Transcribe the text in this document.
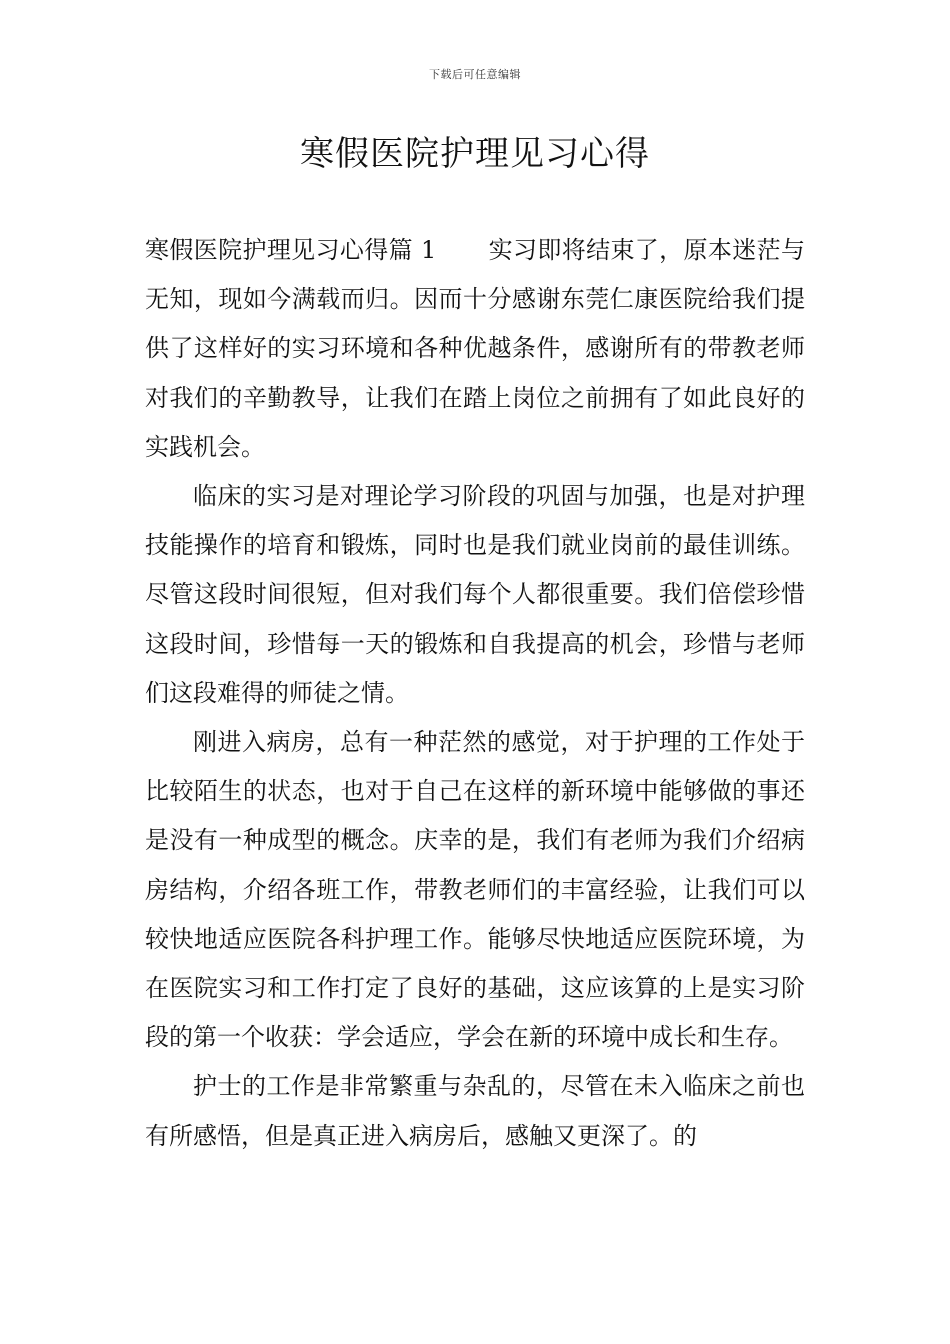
下载后可任意编辑
寒假医院护理见习心得

寒假医院护理见习心得篇 1 实习即将结束了，原本迷茫与无知，现如今满载而归。因而十分感谢东莞仁康医院给我们提供了这样好的实习环境和各种优越条件，感谢所有的带教老师对我们的辛勤教导，让我们在踏上岗位之前拥有了如此良好的实践机会。

临床的实习是对理论学习阶段的巩固与加强，也是对护理技能操作的培育和锻炼，同时也是我们就业岗前的最佳训练。尽管这段时间很短，但对我们每个人都很重要。我们倍偿珍惜这段时间，珍惜每一天的锻炼和自我提高的机会，珍惜与老师们这段难得的师徒之情。

刚进入病房，总有一种茫然的感觉，对于护理的工作处于比较陌生的状态，也对于自己在这样的新环境中能够做的事还是没有一种成型的概念。庆幸的是，我们有老师为我们介绍病房结构，介绍各班工作，带教老师们的丰富经验，让我们可以较快地适应医院各科护理工作。能够尽快地适应医院环境，为在医院实习和工作打定了良好的基础，这应该算的上是实习阶段的第一个收获：学会适应，学会在新的环境中成长和生存。

护士的工作是非常繁重与杂乱的，尽管在未入临床之前也有所感悟，但是真正进入病房后，感触又更深了。的
